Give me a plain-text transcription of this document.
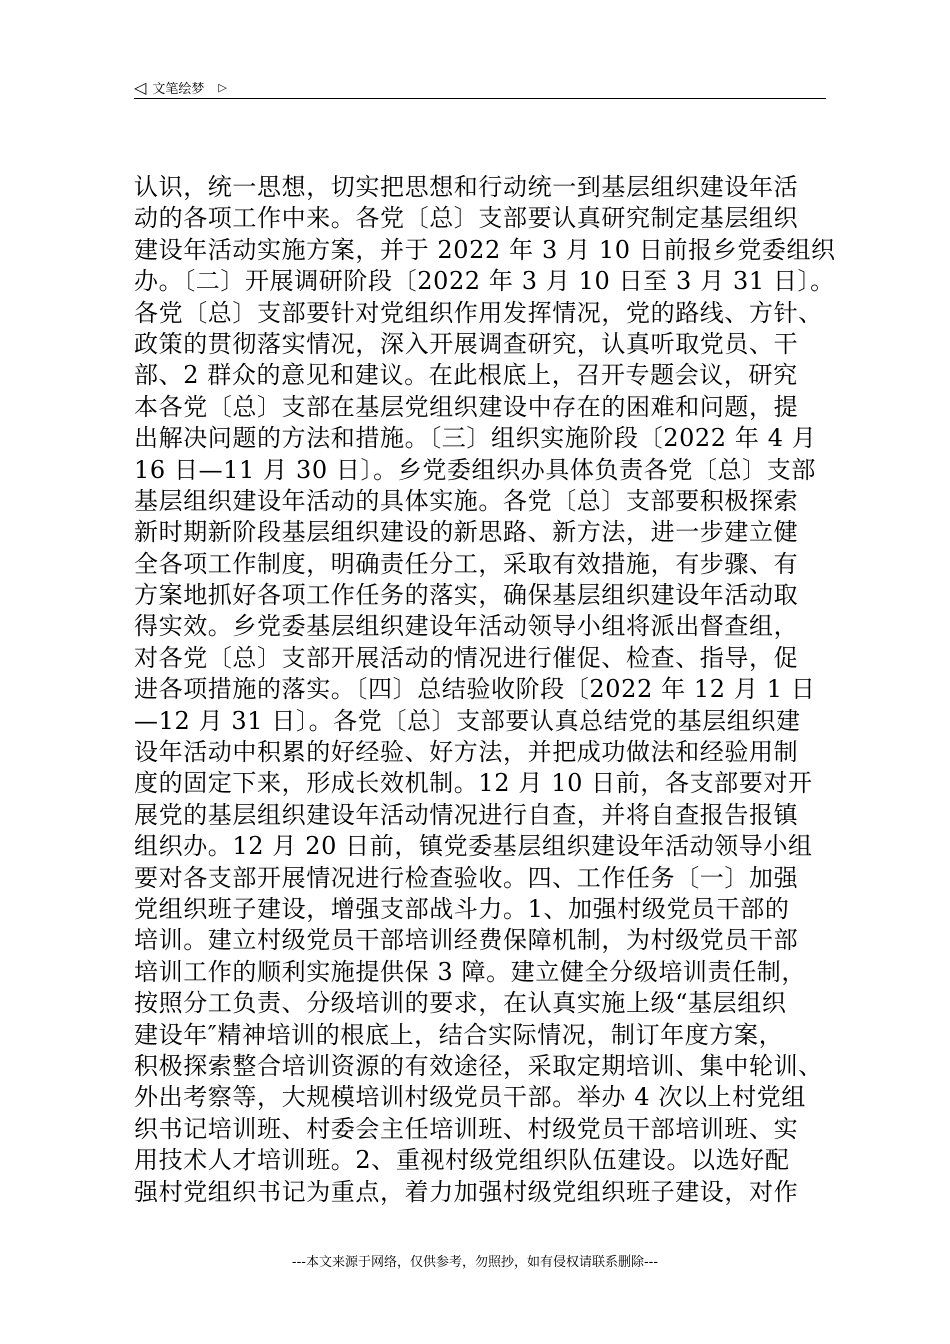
◁ 文笔绘梦 ▷
认识，统一思想，切实把思想和行动统一到基层组织建设年活
动的各项工作中来。各党〔总〕支部要认真研究制定基层组织
建设年活动实施方案，并于 2022 年 3 月 10 日前报乡党委组织
办。〔二〕开展调研阶段〔2022 年 3 月 10 日至 3 月 31 日〕。
各党〔总〕支部要针对党组织作用发挥情况，党的路线、方针、
政策的贯彻落实情况，深入开展调查研究，认真听取党员、干
部、2 群众的意见和建议。在此根底上，召开专题会议，研究
本各党〔总〕支部在基层党组织建设中存在的困难和问题，提
出解决问题的方法和措施。〔三〕组织实施阶段〔2022 年 4 月
16 日—11 月 30 日〕。乡党委组织办具体负责各党〔总〕支部
基层组织建设年活动的具体实施。各党〔总〕支部要积极探索
新时期新阶段基层组织建设的新思路、新方法，进一步建立健
全各项工作制度，明确责任分工，采取有效措施，有步骤、有
方案地抓好各项工作任务的落实，确保基层组织建设年活动取
得实效。乡党委基层组织建设年活动领导小组将派出督查组，
对各党〔总〕支部开展活动的情况进行催促、检查、指导，促
进各项措施的落实。〔四〕总结验收阶段〔2022 年 12 月 1 日
—12 月 31 日〕。各党〔总〕支部要认真总结党的基层组织建
设年活动中积累的好经验、好方法，并把成功做法和经验用制
度的固定下来，形成长效机制。12 月 10 日前，各支部要对开
展党的基层组织建设年活动情况进行自查，并将自查报告报镇
组织办。12 月 20 日前，镇党委基层组织建设年活动领导小组
要对各支部开展情况进行检查验收。四、工作任务〔一〕加强
党组织班子建设，增强支部战斗力。1、加强村级党员干部的
培训。建立村级党员干部培训经费保障机制，为村级党员干部
培训工作的顺利实施提供保 3 障。建立健全分级培训责任制，
按照分工负责、分级培训的要求，在认真实施上级“基层组织
建设年″精神培训的根底上，结合实际情况，制订年度方案，
积极探索整合培训资源的有效途径，采取定期培训、集中轮训、
外出考察等，大规模培训村级党员干部。举办 4 次以上村党组
织书记培训班、村委会主任培训班、村级党员干部培训班、实
用技术人才培训班。2、重视村级党组织队伍建设。以选好配
强村党组织书记为重点，着力加强村级党组织班子建设，对作
---本文来源于网络，仅供参考，勿照抄，如有侵权请联系删除---
